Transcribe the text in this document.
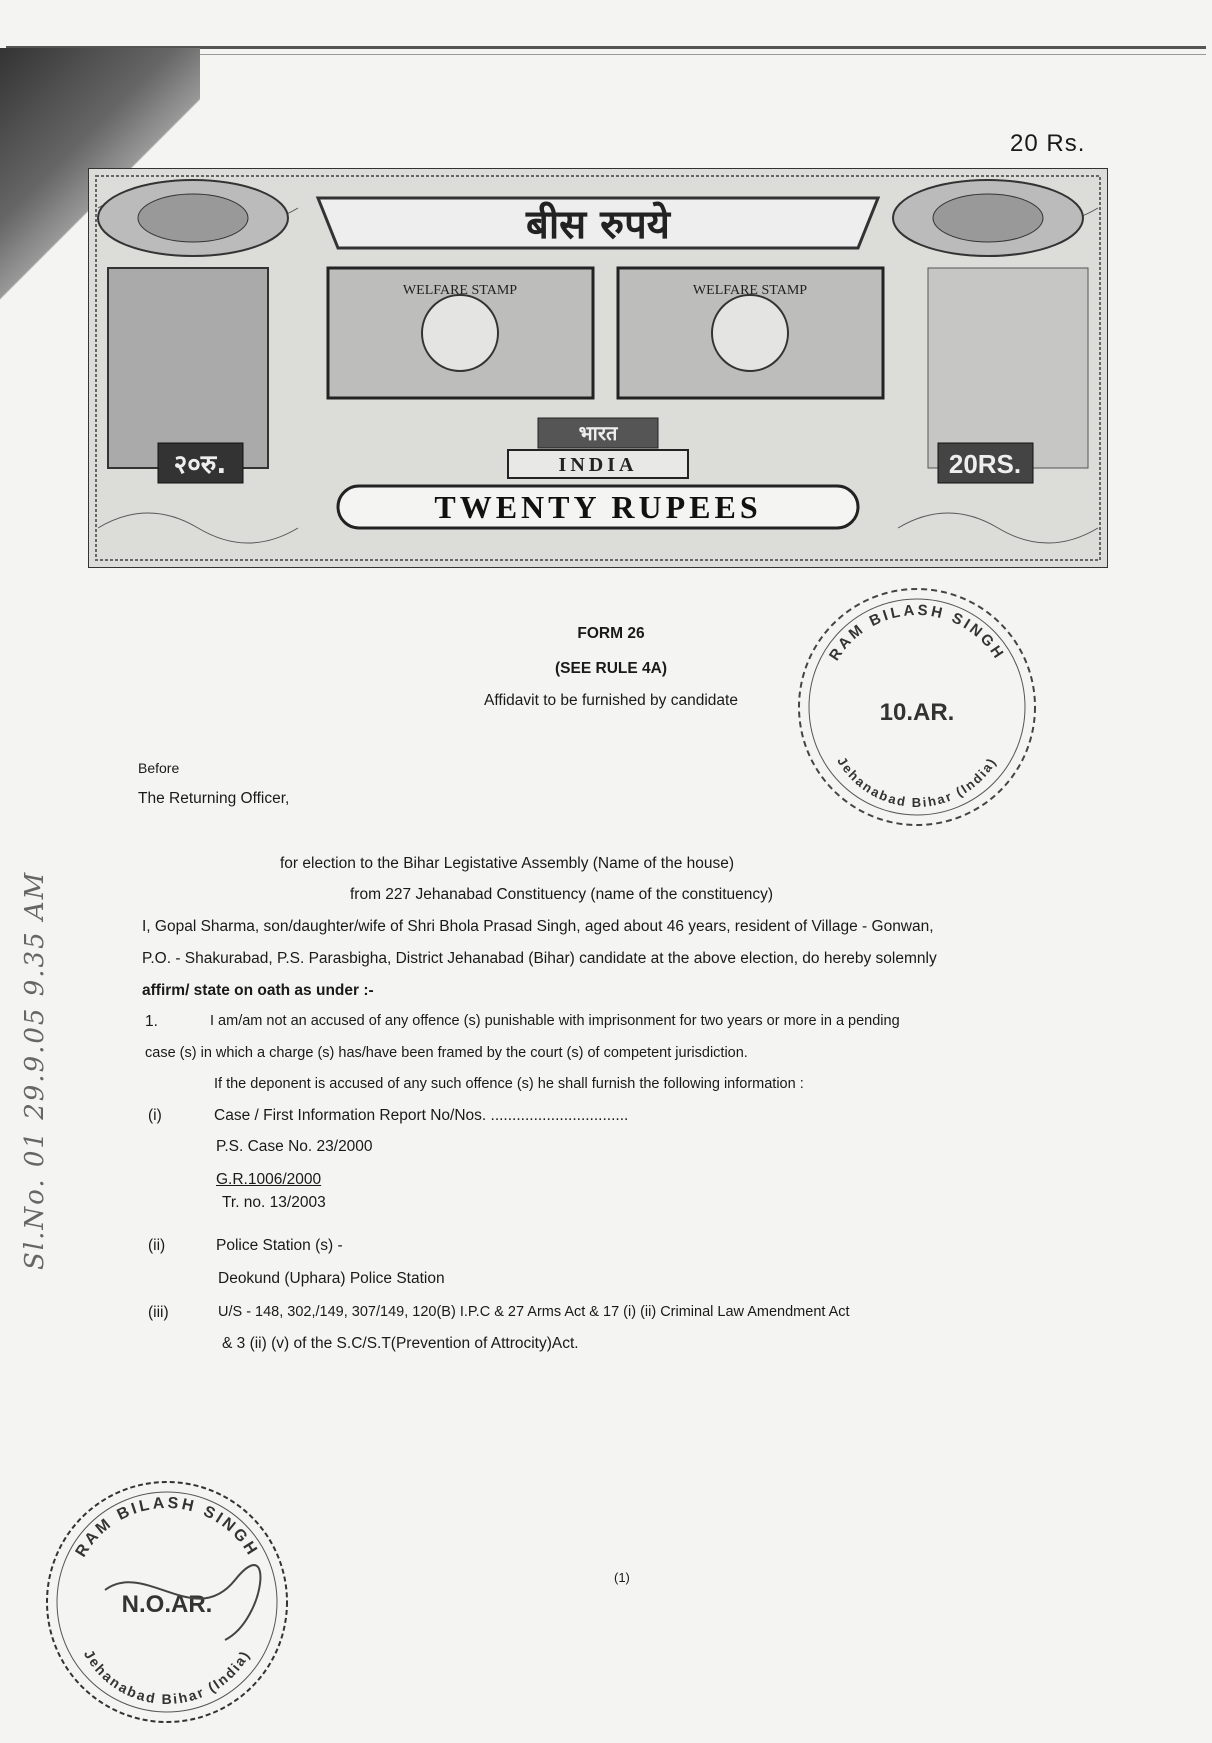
20 Rs.
बीस रुपये
WELFARE STAMP	WELFARE STAMP
भारत
INDIA
TWENTY RUPEES
२०रु.	20RS.
FORM 26
(SEE RULE 4A)
Affidavit to be furnished by candidate
RAM BILASH SINGH
Jehanabad Bihar (India)
10.AR.
Sl.No. 01 29.9.05 9.35 AM
Before
The Returning Officer,
for election to the Bihar Legistative Assembly (Name of the house)
from 227 Jehanabad Constituency (name of the constituency)
I, Gopal Sharma, son/daughter/wife of Shri Bhola Prasad Singh, aged about 46 years, resident of Village - Gonwan,
P.O. - Shakurabad, P.S. Parasbigha, District Jehanabad (Bihar) candidate at the above election, do hereby solemnly
affirm/ state on oath as under :-
1.	I am/am not an accused of any offence (s) punishable with imprisonment for two years or more in a pending
case (s) in which a charge (s) has/have been framed by the court (s) of competent jurisdiction.
If the deponent is accused of any such offence (s) he shall furnish the following information :
(i)	Case / First Information Report No/Nos. ................................
P.S. Case No. 23/2000
G.R.1006/2000
Tr. no. 13/2003
(ii)	Police Station (s) -
Deokund (Uphara) Police Station
(iii)	U/S - 148, 302,/149, 307/149, 120(B) I.P.C & 27 Arms Act & 17 (i) (ii) Criminal Law Amendment Act
& 3 (ii) (v) of the S.C/S.T(Prevention of Attrocity)Act.
RAM BILASH SINGH
Jehanabad Bihar (India)
N.O.AR.
(1)
